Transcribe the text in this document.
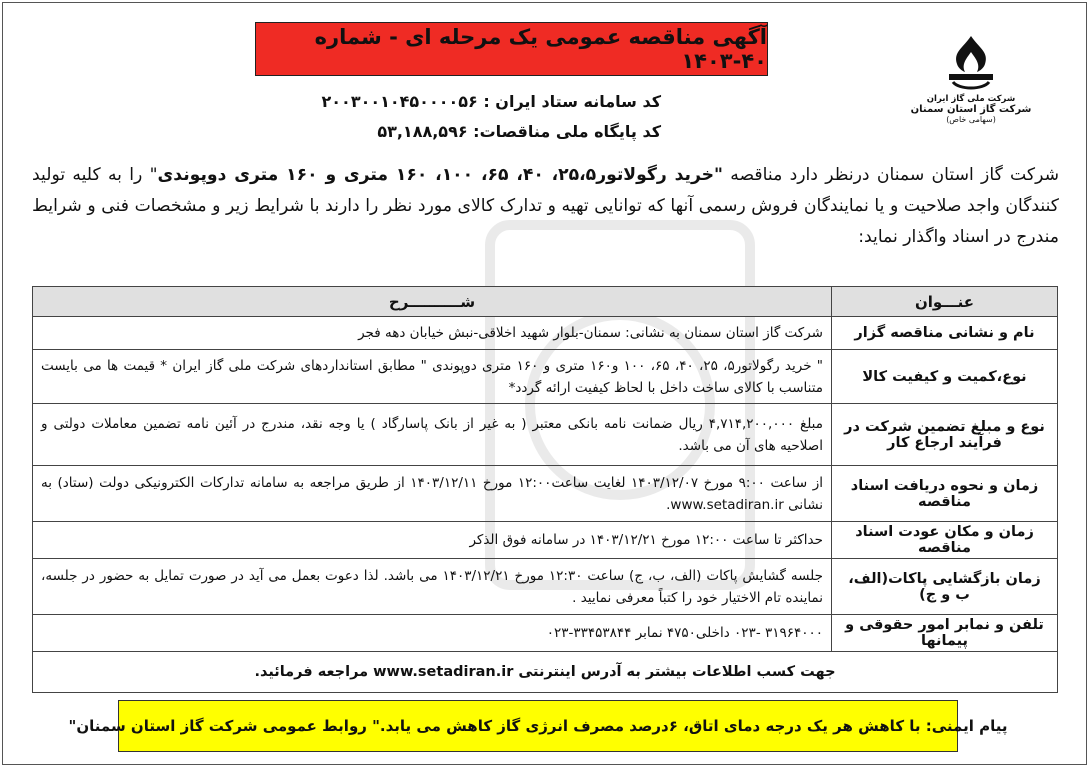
آگهی مناقصه عمومی یک مرحله ای - شماره ۴۰-۱۴۰۳
شرکت ملی گاز ایران
شرکت گاز استان سمنان
(سهامی خاص)
کد سامانه ستاد ایران : ۲۰۰۳۰۰۱۰۴۵۰۰۰۰۵۶
کد پایگاه ملی مناقصات: ۵۳,۱۸۸,۵۹۶
شرکت گاز استان سمنان درنظر دارد مناقصه "خرید رگولاتور۲۵،۵، ۴۰، ۶۵، ۱۰۰، ۱۶۰ متری و ۱۶۰ متری دوپوندی" را به کلیه تولید کنندگان واجد صلاحیت و یا نمایندگان فروش رسمی آنها که توانایی تهیه و تدارک کالای مورد نظر را دارند با شرایط زیر و مشخصات فنی و شرایط مندرج در اسناد واگذار نماید:
عنـــوان	شــــــــــرح
نام و نشانی مناقصه گزار	شرکت گاز استان سمنان به نشانی: سمنان-بلوار شهید اخلاقی-نبش خیابان دهه فجر
نوع،کمیت و کیفیت کالا	" خرید رگولاتور۵، ۲۵، ۴۰، ۶۵، ۱۰۰ و۱۶۰ متری و ۱۶۰ متری دوپوندی " مطابق استانداردهای شرکت ملی گاز ایران * قیمت ها می بایست متناسب با کالای ساخت داخل با لحاظ کیفیت ارائه گردد*
نوع و مبلغ تضمین شرکت در فرآیند ارجاع کار	مبلغ ۴,۷۱۴,۲۰۰,۰۰۰ ریال ضمانت نامه بانکی معتبر ( به غیر از بانک پاسارگاد ) یا وجه نقد، مندرج در آئین نامه تضمین معاملات دولتی و اصلاحیه های آن می باشد.
زمان و نحوه دریافت اسناد مناقصه	از ساعت ۹:۰۰ مورخ ۱۴۰۳/۱۲/۰۷ لغایت ساعت۱۲:۰۰ مورخ ۱۴۰۳/۱۲/۱۱ از طریق مراجعه به سامانه تدارکات الکترونیکی دولت (ستاد) به نشانی www.setadiran.ir.
زمان و مکان عودت اسناد مناقصه	حداکثر تا ساعت ۱۲:۰۰ مورخ ۱۴۰۳/۱۲/۲۱ در سامانه فوق الذکر
زمان بازگشایی پاکات(الف، ب و ج)	جلسه گشایش پاکات (الف، ب، ج) ساعت ۱۲:۳۰ مورخ ۱۴۰۳/۱۲/۲۱ می باشد. لذا دعوت بعمل می آید در صورت تمایل به حضور در جلسه، نماینده تام الاختیار خود را کتباً معرفی نمایید .
تلفن و نمابر امور حقوقی و پیمانها	۳۱۹۶۴۰۰۰ -۰۲۳ داخلی۴۷۵۰ نمابر ۳۳۴۵۳۸۴۴-۰۲۳
جهت کسب اطلاعات بیشتر به آدرس اینترنتی www.setadiran.ir مراجعه فرمائید.	
پیام ایمنی: با کاهش هر یک درجه دمای اتاق، ۶درصد مصرف انرژی گاز کاهش می یابد." روابط عمومی شرکت گاز استان سمنان"
